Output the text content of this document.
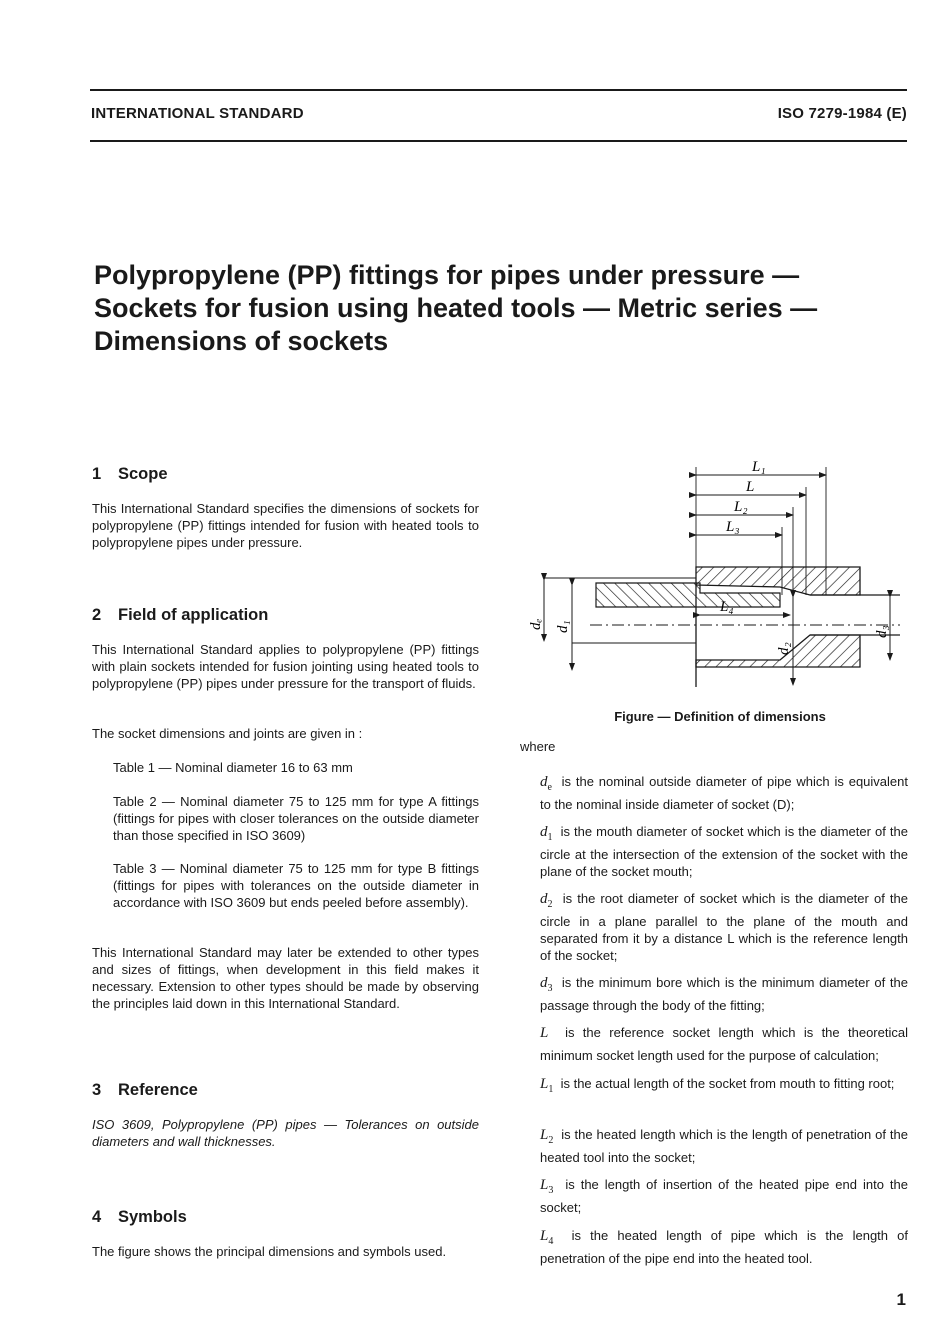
INTERNATIONAL STANDARD	ISO 7279-1984 (E)
Polypropylene (PP) fittings for pipes under pressure —
Sockets for fusion using heated tools — Metric series —
Dimensions of sockets
1 Scope

This International Standard specifies the dimensions of sockets for polypropylene (PP) fittings intended for fusion with heated tools to polypropylene pipes under pressure.

2 Field of application

This International Standard applies to polypropylene (PP) fittings with plain sockets intended for fusion jointing using heated tools to polypropylene (PP) pipes under pressure for the transport of fluids.

The socket dimensions and joints are given in :

Table 1 — Nominal diameter 16 to 63 mm

Table 2 — Nominal diameter 75 to 125 mm for type A fittings (fittings for pipes with closer tolerances on the outside diameter than those specified in ISO 3609)

Table 3 — Nominal diameter 75 to 125 mm for type B fittings (fittings for pipes with tolerances on the outside diameter in accordance with ISO 3609 but ends peeled before assembly).

This International Standard may later be extended to other types and sizes of fittings, when development in this field makes it necessary. Extension to other types should be made by observing the principles laid down in this International Standard.

3 Reference

ISO 3609, Polypropylene (PP) pipes — Tolerances on outside diameters and wall thicknesses.

4 Symbols

The figure shows the principal dimensions and symbols used.

L₁
L
L₂
L₃
L₄
dₑ d₁
d₂
d₃

Figure — Definition of dimensions

where

$d_e$ is the nominal outside diameter of pipe which is equivalent to the nominal inside diameter of socket (D);

$d_1$ is the mouth diameter of socket which is the diameter of the circle at the intersection of the extension of the socket with the plane of the socket mouth;

$d_2$ is the root diameter of socket which is the diameter of the circle in a plane parallel to the plane of the mouth and separated from it by a distance L which is the reference length of the socket;

$d_3$ is the minimum bore which is the minimum diameter of the passage through the body of the fitting;

L is the reference socket length which is the theoretical minimum socket length used for the purpose of calculation;

$L_1$ is the actual length of the socket from mouth to fitting root;

$L_2$ is the heated length which is the length of penetration of the heated tool into the socket;

$L_3$ is the length of insertion of the heated pipe end into the socket;

$L_4$ is the heated length of pipe which is the length of penetration of the pipe end into the heated tool.

1
